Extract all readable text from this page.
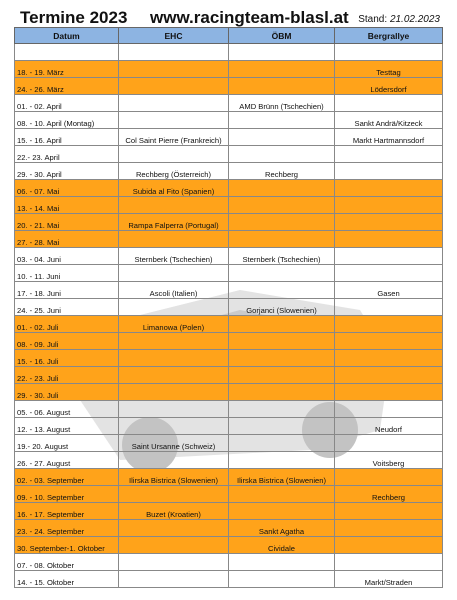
Termine 2023 www.racingteam-blasl.at Stand: 21.02.2023
Datum	EHC	ÖBM	Bergrallye

18. - 19. März			Testtag
24. - 26. März			Lödersdorf
01. - 02. April		AMD Brünn (Tschechien)	
08. - 10. April (Montag)			Sankt Andrä/Kitzeck
15. - 16. April	Col Saint Pierre (Frankreich)		Markt Hartmannsdorf
22.- 23. April			
29. - 30. April	Rechberg (Österreich)	Rechberg	
06. - 07. Mai	Subida al Fito (Spanien)		
13. - 14. Mai			
20. - 21. Mai	Rampa Falperra (Portugal)		
27. - 28. Mai			
03. - 04. Juni	Sternberk (Tschechien)	Sternberk (Tschechien)	
10. - 11. Juni			
17. - 18. Juni	Ascoli (Italien)		Gasen
24. - 25. Juni		Gorjanci (Slowenien)	
01. - 02. Juli	Limanowa (Polen)		
08. - 09. Juli			
15. - 16. Juli			
22. - 23. Juli			
29. - 30. Juli			
05. - 06. August			
12. - 13. August			Neudorf
19.- 20. August	Saint Ursanne (Schweiz)		
26. - 27. August			Voitsberg
02. - 03. September	Ilirska Bistrica (Slowenien)	Ilirska Bistrica (Slowenien)	
09. - 10. September			Rechberg
16. - 17. September	Buzet (Kroatien)		
23. - 24. September		Sankt Agatha	
30. September-1. Oktober		Cividale	
07. - 08. Oktober			
14. - 15. Oktober			Markt/Straden
